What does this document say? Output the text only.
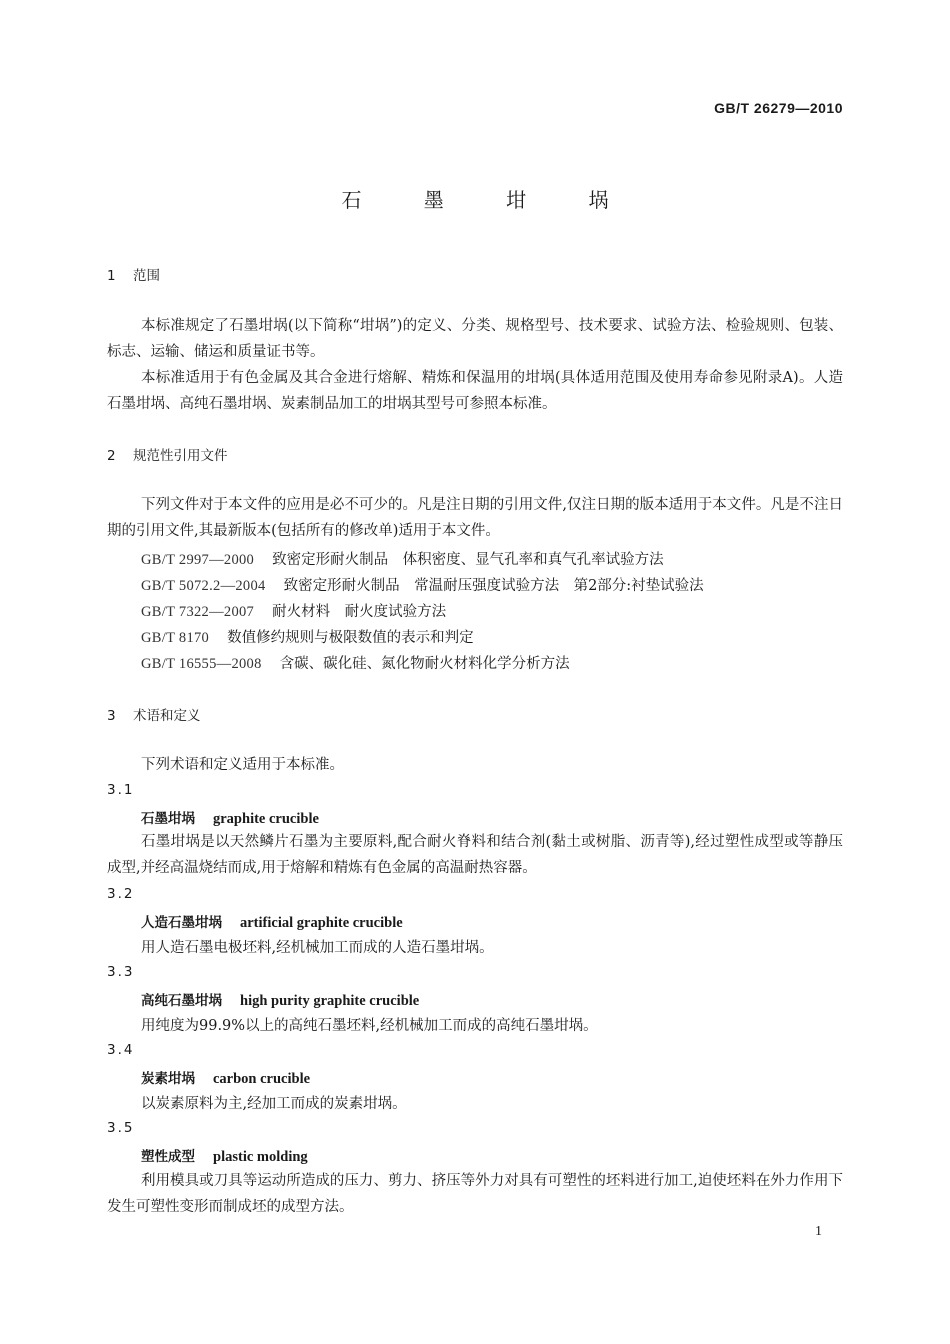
GB/T 26279—2010
石 墨 坩 埚
1 范围
本标准规定了石墨坩埚(以下简称“坩埚”)的定义、分类、规格型号、技术要求、试验方法、检验规则、包装、标志、运输、储运和质量证书等。
本标准适用于有色金属及其合金进行熔解、精炼和保温用的坩埚(具体适用范围及使用寿命参见附录A)。人造石墨坩埚、高纯石墨坩埚、炭素制品加工的坩埚其型号可参照本标准。
2 规范性引用文件
下列文件对于本文件的应用是必不可少的。凡是注日期的引用文件,仅注日期的版本适用于本文件。凡是不注日期的引用文件,其最新版本(包括所有的修改单)适用于本文件。
GB/T 2997—2000 致密定形耐火制品　体积密度、显气孔率和真气孔率试验方法
GB/T 5072.2—2004 致密定形耐火制品　常温耐压强度试验方法　第2部分:衬垫试验法
GB/T 7322—2007 耐火材料　耐火度试验方法
GB/T 8170 数值修约规则与极限数值的表示和判定
GB/T 16555—2008 含碳、碳化硅、氮化物耐火材料化学分析方法
3 术语和定义
下列术语和定义适用于本标准。
3.1
石墨坩埚 graphite crucible
石墨坩埚是以天然鳞片石墨为主要原料,配合耐火脊料和结合剂(黏土或树脂、沥青等),经过塑性成型或等静压成型,并经高温烧结而成,用于熔解和精炼有色金属的高温耐热容器。
3.2
人造石墨坩埚 artificial graphite crucible
用人造石墨电极坯料,经机械加工而成的人造石墨坩埚。
3.3
高纯石墨坩埚 high purity graphite crucible
用纯度为99.9%以上的高纯石墨坯料,经机械加工而成的高纯石墨坩埚。
3.4
炭素坩埚 carbon crucible
以炭素原料为主,经加工而成的炭素坩埚。
3.5
塑性成型 plastic molding
利用模具或刀具等运动所造成的压力、剪力、挤压等外力对具有可塑性的坯料进行加工,迫使坯料在外力作用下发生可塑性变形而制成坯的成型方法。
1
